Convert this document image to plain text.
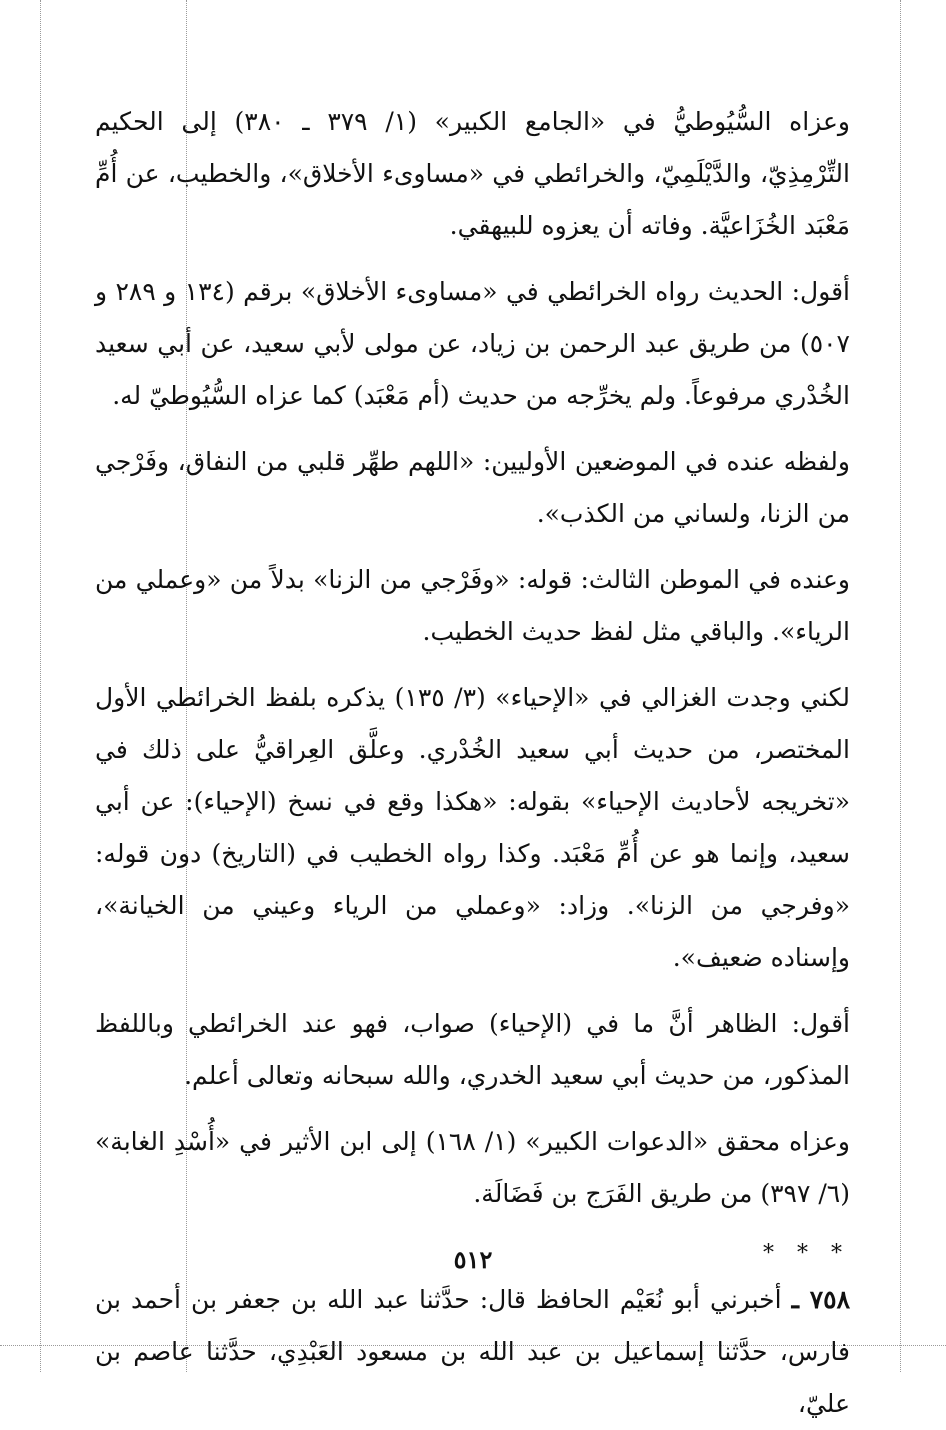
وعزاه السُّيُوطيُّ في «الجامع الكبير» (١/ ٣٧٩ ـ ٣٨٠) إلى الحكيم التِّرْمِذِيّ، والدَّيْلَمِيّ، والخرائطي في «مساوىء الأخلاق»، والخطيب، عن أُمِّ مَعْبَد الخُزَاعيَّة. وفاته أن يعزوه للبيهقي.

أقول: الحديث رواه الخرائطي في «مساوىء الأخلاق» برقم (١٣٤ و ٢٨٩ و ٥٠٧) من طريق عبد الرحمن بن زياد، عن مولى لأبي سعيد، عن أبي سعيد الخُدْري مرفوعاً. ولم يخرِّجه من حديث (أم مَعْبَد) كما عزاه السُّيُوطيّ له.

ولفظه عنده في الموضعين الأوليين: «اللهم طهِّر قلبي من النفاق، وفَرْجي من الزنا، ولساني من الكذب».

وعنده في الموطن الثالث: قوله: «وفَرْجي من الزنا» بدلاً من «وعملي من الرياء». والباقي مثل لفظ حديث الخطيب.

لكني وجدت الغزالي في «الإحياء» (٣/ ١٣٥) يذكره بلفظ الخرائطي الأول المختصر، من حديث أبي سعيد الخُدْري. وعلَّق العِراقيُّ على ذلك في «تخريجه لأحاديث الإحياء» بقوله: «هكذا وقع في نسخ (الإحياء): عن أبي سعيد، وإنما هو عن أُمِّ مَعْبَد. وكذا رواه الخطيب في (التاريخ) دون قوله: «وفرجي من الزنا». وزاد: «وعملي من الرياء وعيني من الخيانة»، وإسناده ضعيف».

أقول: الظاهر أنَّ ما في (الإحياء) صواب، فهو عند الخرائطي وباللفظ المذكور، من حديث أبي سعيد الخدري، والله سبحانه وتعالى أعلم.

وعزاه محقق «الدعوات الكبير» (١/ ١٦٨) إلى ابن الأثير في «أُسْدِ الغابة» (٦/ ٣٩٧) من طريق الفَرَج بن فَضَالَة.

* * *

٧٥٨ ـ أخبرني أبو نُعَيْم الحافظ قال: حدَّثنا عبد الله بن جعفر بن أحمد بن فارس، حدَّثنا إسماعيل بن عبد الله بن مسعود العَبْدِي، حدَّثنا عاصم بن عليّ،

٥١٢
